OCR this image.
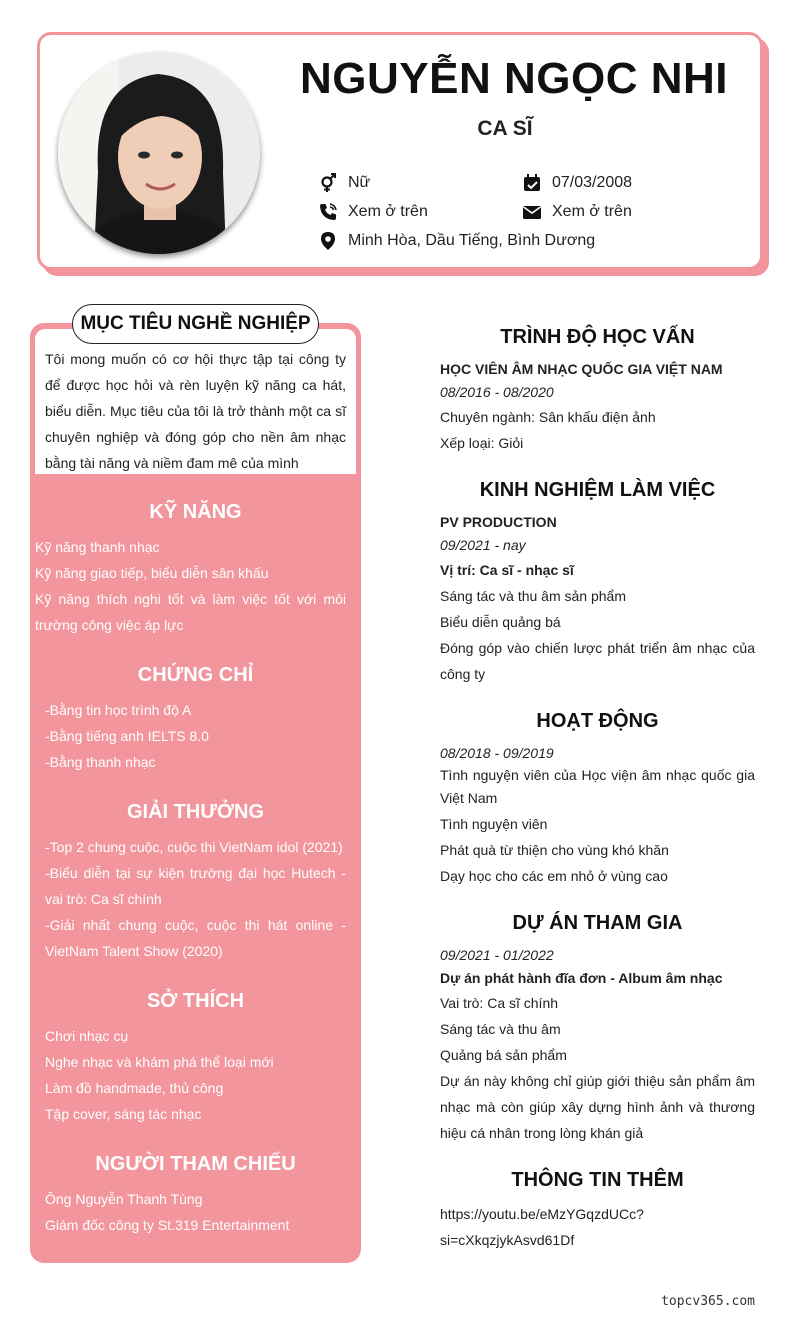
NGUYỄN NGỌC NHI
CA SĨ
Nữ	07/03/2008
Xem ở trên	Xem ở trên
Minh Hòa, Dầu Tiếng, Bình Dương
MỤC TIÊU NGHỀ NGHIỆP
Tôi mong muốn có cơ hội thực tập tại công ty để được học hỏi và rèn luyện kỹ năng ca hát, biểu diễn. Mục tiêu của tôi là trở thành một ca sĩ chuyên nghiệp và đóng góp cho nền âm nhạc bằng tài năng và niềm đam mê của mình
KỸ NĂNG
Kỹ năng thanh nhạc
Kỹ năng giao tiếp, biểu diễn sân khấu
Kỹ năng thích nghi tốt và làm việc tốt với môi trường công việc áp lực
CHỨNG CHỈ
-Bằng tin học trình độ A
-Bằng tiếng anh IELTS 8.0
-Bằng thanh nhạc
GIẢI THƯỞNG
-Top 2 chung cuộc, cuộc thi VietNam idol (2021)
-Biểu diễn tại sự kiện trường đại học Hutech - vai trò: Ca sĩ chính
-Giải nhất chung cuộc, cuộc thi hát online - VietNam Talent Show (2020)
SỞ THÍCH
Chơi nhạc cụ
Nghe nhạc và khám phá thể loại mới
Làm đồ handmade, thủ công
Tập cover, sáng tác nhạc
NGƯỜI THAM CHIẾU
Ông Nguyễn Thanh Tùng
Giám đốc công ty St.319 Entertainment
TRÌNH ĐỘ HỌC VẤN
HỌC VIÊN ÂM NHẠC QUỐC GIA VIỆT NAM
08/2016 - 08/2020
Chuyên ngành: Sân khấu điện ảnh
Xếp loại: Giỏi
KINH NGHIỆM LÀM VIỆC
PV PRODUCTION
09/2021 - nay
Vị trí: Ca sĩ - nhạc sĩ
Sáng tác và thu âm sản phẩm
Biểu diễn quảng bá
Đóng góp vào chiến lược phát triển âm nhạc của công ty
HOẠT ĐỘNG
08/2018 - 09/2019
Tình nguyện viên của Học viện âm nhạc quốc gia Việt Nam
Tình nguyện viên
Phát quà từ thiện cho vùng khó khăn
Dạy học cho các em nhỏ ở vùng cao
DỰ ÁN THAM GIA
09/2021 - 01/2022
Dự án phát hành đĩa đơn - Album âm nhạc
Vai trò: Ca sĩ chính
Sáng tác và thu âm
Quảng bá sản phẩm
Dự án này không chỉ giúp giới thiệu sản phẩm âm nhạc mà còn giúp xây dựng hình ảnh và thương hiệu cá nhân trong lòng khán giả
THÔNG TIN THÊM
https://youtu.be/eMzYGqzdUCc?
si=cXkqzjykAsvd61Df
topcv365.com
